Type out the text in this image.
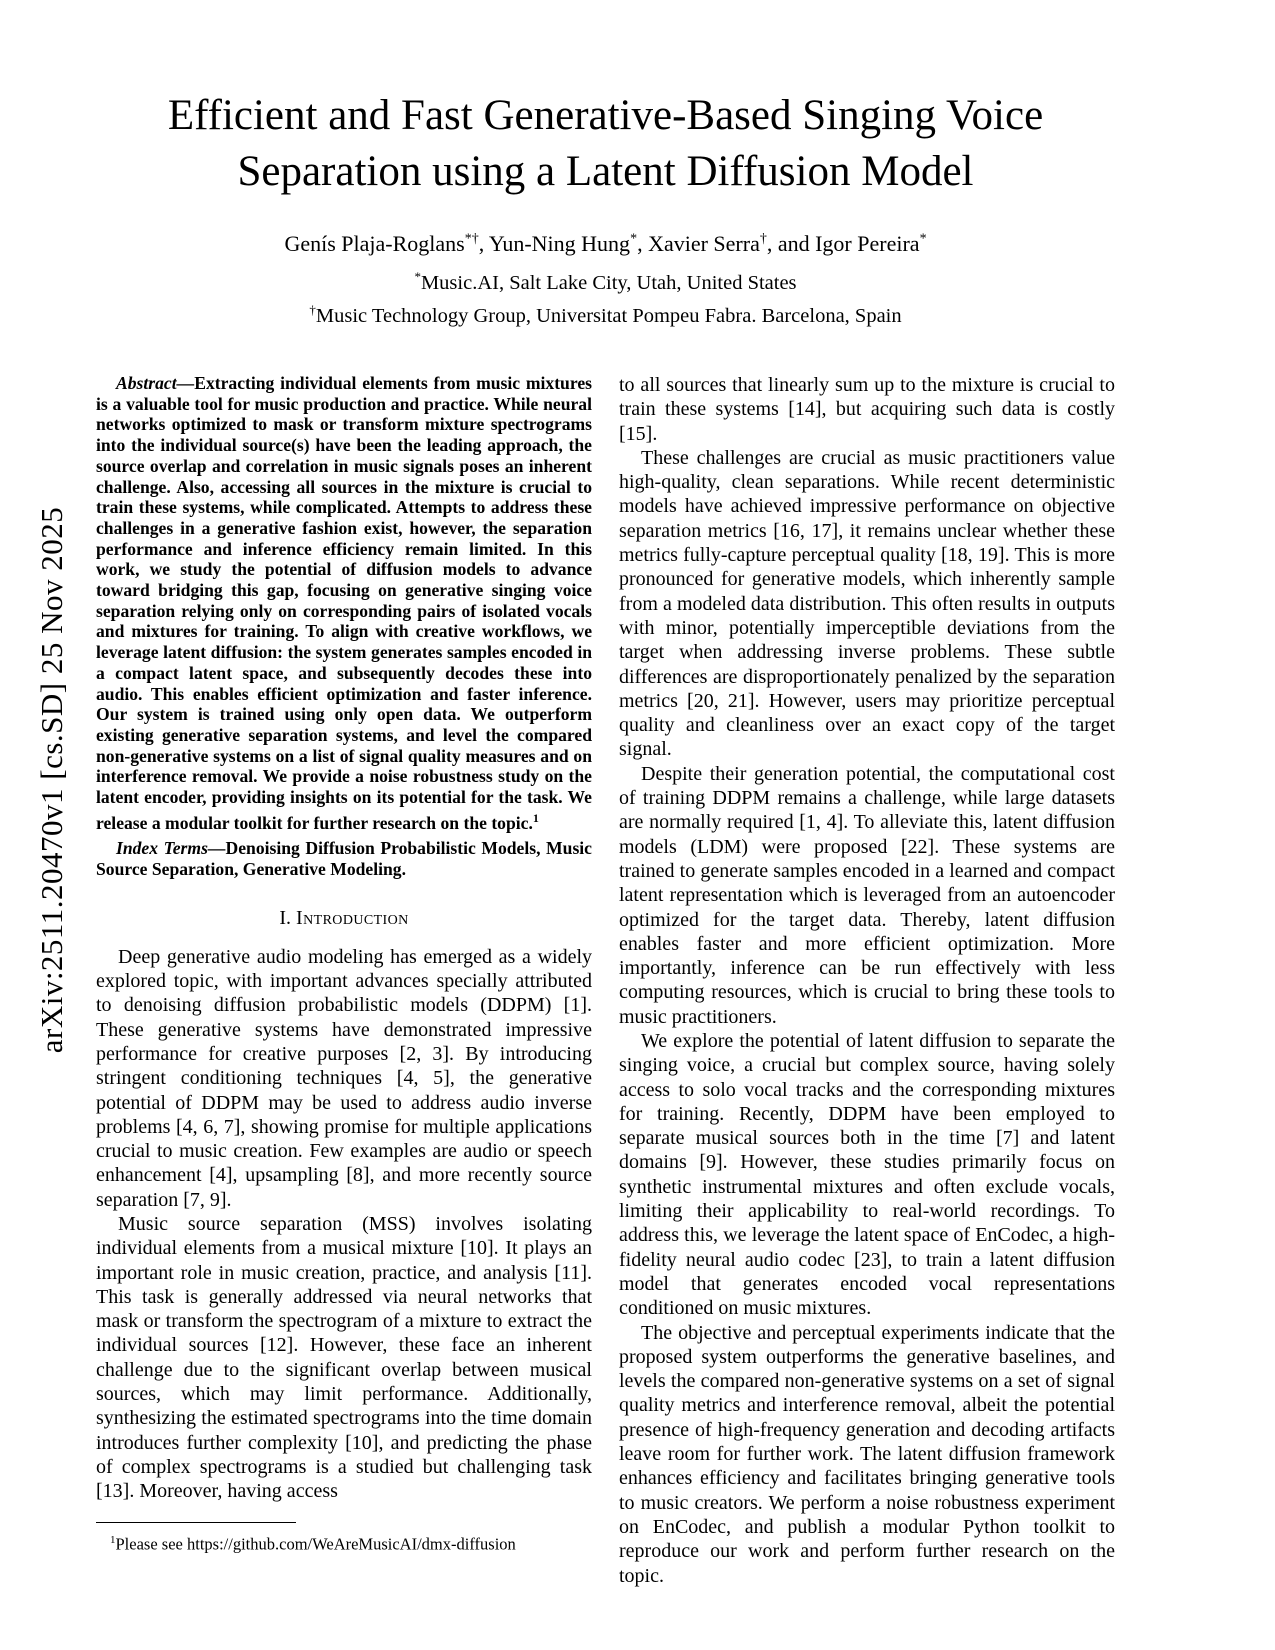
arXiv:2511.20470v1 [cs.SD] 25 Nov 2025
Efficient and Fast Generative-Based Singing Voice Separation using a Latent Diffusion Model
Genís Plaja-Roglans*†, Yun-Ning Hung*, Xavier Serra†, and Igor Pereira*
*Music.AI, Salt Lake City, Utah, United States
†Music Technology Group, Universitat Pompeu Fabra. Barcelona, Spain

Abstract—Extracting individual elements from music mixtures is a valuable tool for music production and practice. While neural networks optimized to mask or transform mixture spectrograms into the individual source(s) have been the leading approach, the source overlap and correlation in music signals poses an inherent challenge. Also, accessing all sources in the mixture is crucial to train these systems, while complicated. Attempts to address these challenges in a generative fashion exist, however, the separation performance and inference efficiency remain limited. In this work, we study the potential of diffusion models to advance toward bridging this gap, focusing on generative singing voice separation relying only on corresponding pairs of isolated vocals and mixtures for training. To align with creative workflows, we leverage latent diffusion: the system generates samples encoded in a compact latent space, and subsequently decodes these into audio. This enables efficient optimization and faster inference. Our system is trained using only open data. We outperform existing generative separation systems, and level the compared non-generative systems on a list of signal quality measures and on interference removal. We provide a noise robustness study on the latent encoder, providing insights on its potential for the task. We release a modular toolkit for further research on the topic.$^1$

Index Terms—Denoising Diffusion Probabilistic Models, Music Source Separation, Generative Modeling.

I. Introduction

Deep generative audio modeling has emerged as a widely explored topic, with important advances specially attributed to denoising diffusion probabilistic models (DDPM) [1]. These generative systems have demonstrated impressive performance for creative purposes [2, 3]. By introducing stringent conditioning techniques [4, 5], the generative potential of DDPM may be used to address audio inverse problems [4, 6, 7], showing promise for multiple applications crucial to music creation. Few examples are audio or speech enhancement [4], upsampling [8], and more recently source separation [7, 9].

Music source separation (MSS) involves isolating individual elements from a musical mixture [10]. It plays an important role in music creation, practice, and analysis [11]. This task is generally addressed via neural networks that mask or transform the spectrogram of a mixture to extract the individual sources [12]. However, these face an inherent challenge due to the significant overlap between musical sources, which may limit performance. Additionally, synthesizing the estimated spectrograms into the time domain introduces further complexity [10], and predicting the phase of complex spectrograms is a studied but challenging task [13]. Moreover, having access

$^1$Please see https://github.com/WeAreMusicAI/dmx-diffusion

to all sources that linearly sum up to the mixture is crucial to train these systems [14], but acquiring such data is costly [15].

These challenges are crucial as music practitioners value high-quality, clean separations. While recent deterministic models have achieved impressive performance on objective separation metrics [16, 17], it remains unclear whether these metrics fully-capture perceptual quality [18, 19]. This is more pronounced for generative models, which inherently sample from a modeled data distribution. This often results in outputs with minor, potentially imperceptible deviations from the target when addressing inverse problems. These subtle differences are disproportionately penalized by the separation metrics [20, 21]. However, users may prioritize perceptual quality and cleanliness over an exact copy of the target signal.

Despite their generation potential, the computational cost of training DDPM remains a challenge, while large datasets are normally required [1, 4]. To alleviate this, latent diffusion models (LDM) were proposed [22]. These systems are trained to generate samples encoded in a learned and compact latent representation which is leveraged from an autoencoder optimized for the target data. Thereby, latent diffusion enables faster and more efficient optimization. More importantly, inference can be run effectively with less computing resources, which is crucial to bring these tools to music practitioners.

We explore the potential of latent diffusion to separate the singing voice, a crucial but complex source, having solely access to solo vocal tracks and the corresponding mixtures for training. Recently, DDPM have been employed to separate musical sources both in the time [7] and latent domains [9]. However, these studies primarily focus on synthetic instrumental mixtures and often exclude vocals, limiting their applicability to real-world recordings. To address this, we leverage the latent space of EnCodec, a high-fidelity neural audio codec [23], to train a latent diffusion model that generates encoded vocal representations conditioned on music mixtures.

The objective and perceptual experiments indicate that the proposed system outperforms the generative baselines, and levels the compared non-generative systems on a set of signal quality metrics and interference removal, albeit the potential presence of high-frequency generation and decoding artifacts leave room for further work. The latent diffusion framework enhances efficiency and facilitates bringing generative tools to music creators. We perform a noise robustness experiment on EnCodec, and publish a modular Python toolkit to reproduce our work and perform further research on the topic.
